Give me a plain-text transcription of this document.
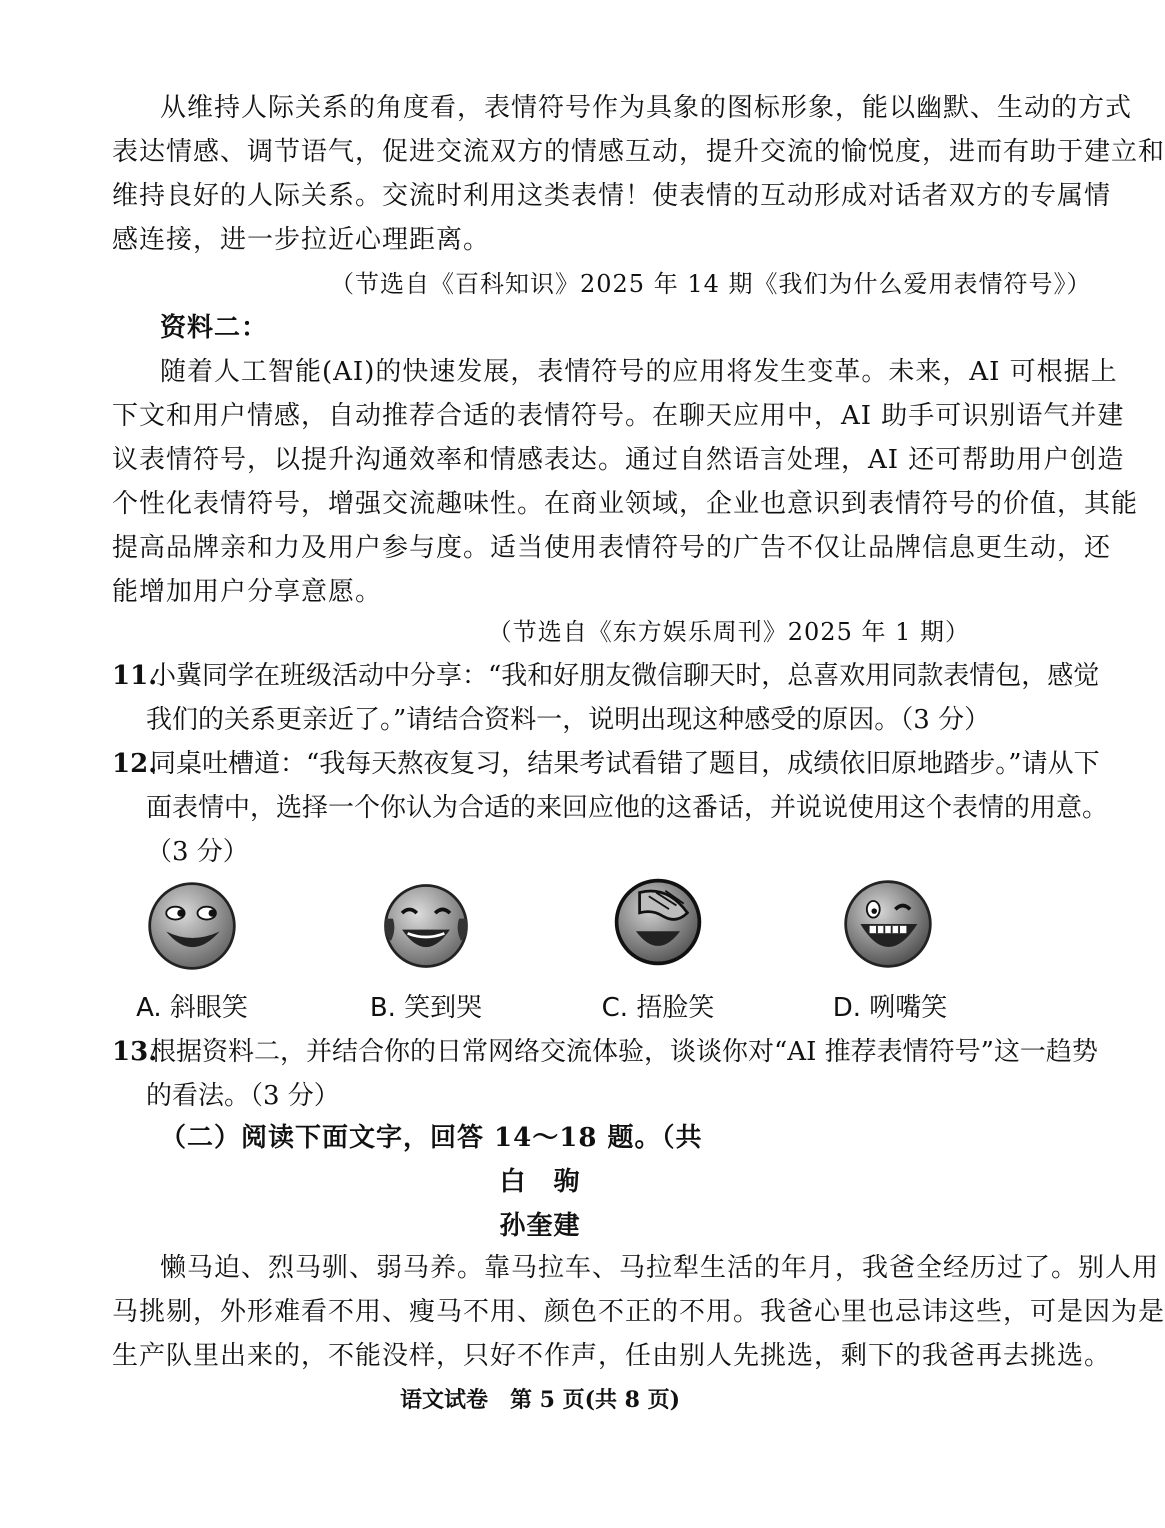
从维持人际关系的角度看，表情符号作为具象的图标形象，能以幽默、生动的方式
表达情感、调节语气，促进交流双方的情感互动，提升交流的愉悦度，进而有助于建立和
维持良好的人际关系。交流时利用这类表情！使表情的互动形成对话者双方的专属情
感连接，进一步拉近心理距离。
（节选自《百科知识》2025 年 14 期《我们为什么爱用表情符号》）
资料二：
随着人工智能(AI)的快速发展，表情符号的应用将发生变革。未来，AI 可根据上
下文和用户情感，自动推荐合适的表情符号。在聊天应用中，AI 助手可识别语气并建
议表情符号，以提升沟通效率和情感表达。通过自然语言处理，AI 还可帮助用户创造
个性化表情符号，增强交流趣味性。在商业领域，企业也意识到表情符号的价值，其能
提高品牌亲和力及用户参与度。适当使用表情符号的广告不仅让品牌信息更生动，还
能增加用户分享意愿。
（节选自《东方娱乐周刊》2025 年 1 期）
11.
小冀同学在班级活动中分享：“我和好朋友微信聊天时，总喜欢用同款表情包，感觉
我们的关系更亲近了。”请结合资料一，说明出现这种感受的原因。（3 分）
12.
同桌吐槽道：“我每天熬夜复习，结果考试看错了题目，成绩依旧原地踏步。”请从下
面表情中，选择一个你认为合适的来回应他的这番话，并说说使用这个表情的用意。
（3 分）
A. 斜眼笑	B. 笑到哭	C. 捂脸笑	D. 咧嘴笑
13.
根据资料二，并结合你的日常网络交流体验，谈谈你对“AI 推荐表情符号”这一趋势
的看法。（3 分）
（二）阅读下面文字，回答 14～18 题。（共
白　驹
孙奎建
懒马迫、烈马驯、弱马养。靠马拉车、马拉犁生活的年月，我爸全经历过了。别人用
马挑剔，外形难看不用、瘦马不用、颜色不正的不用。我爸心里也忌讳这些，可是因为是
生产队里出来的，不能没样，只好不作声，任由别人先挑选，剩下的我爸再去挑选。
语文试卷　第 5 页(共 8 页)
